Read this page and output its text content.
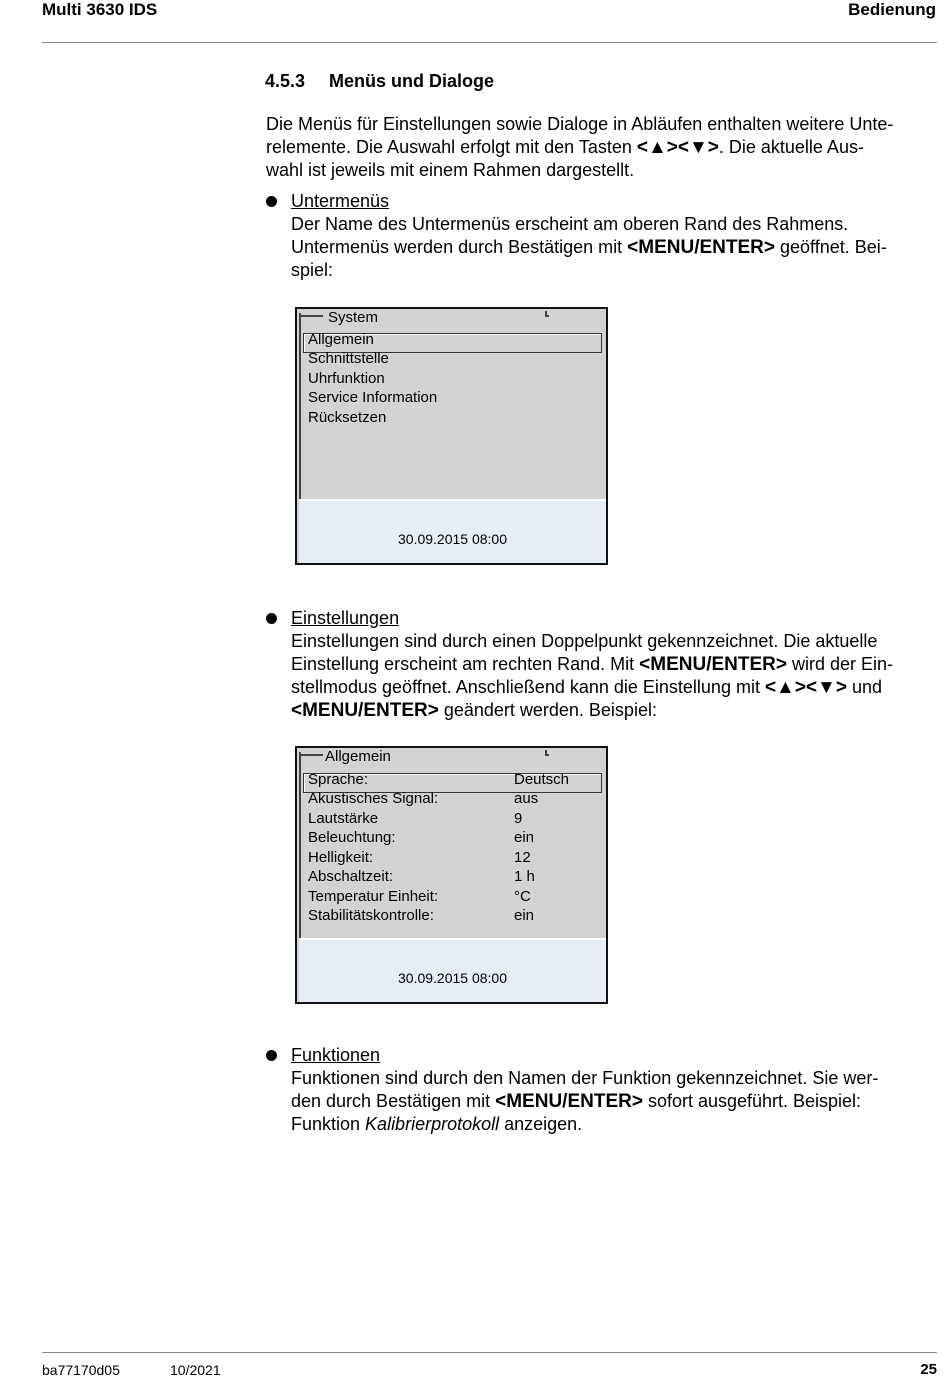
Multi 3630 IDS	Bedienung
4.5.3 Menüs und Dialoge
Die Menüs für Einstellungen sowie Dialoge in Abläufen enthalten weitere Unte-
relemente. Die Auswahl erfolgt mit den Tasten <▲><▼>. Die aktuelle Aus-
wahl ist jeweils mit einem Rahmen dargestellt.
Untermenüs
Der Name des Untermenüs erscheint am oberen Rand des Rahmens.
Untermenüs werden durch Bestätigen mit <MENU/ENTER> geöffnet. Bei-
spiel:
System
Allgemein
Schnittstelle
Uhrfunktion
Service Information
Rücksetzen
30.09.2015 08:00
Einstellungen
Einstellungen sind durch einen Doppelpunkt gekennzeichnet. Die aktuelle
Einstellung erscheint am rechten Rand. Mit <MENU/ENTER> wird der Ein-
stellmodus geöffnet. Anschließend kann die Einstellung mit <▲><▼> und
<MENU/ENTER> geändert werden. Beispiel:
Allgemein
Sprache:	Deutsch
Akustisches Signal:	aus
Lautstärke	9
Beleuchtung:	ein
Helligkeit:	12
Abschaltzeit:	1 h
Temperatur Einheit:	°C
Stabilitätskontrolle:	ein
30.09.2015 08:00
Funktionen
Funktionen sind durch den Namen der Funktion gekennzeichnet. Sie wer-
den durch Bestätigen mit <MENU/ENTER> sofort ausgeführt. Beispiel:
Funktion Kalibrierprotokoll anzeigen.
ba77170d05	10/2021	25
